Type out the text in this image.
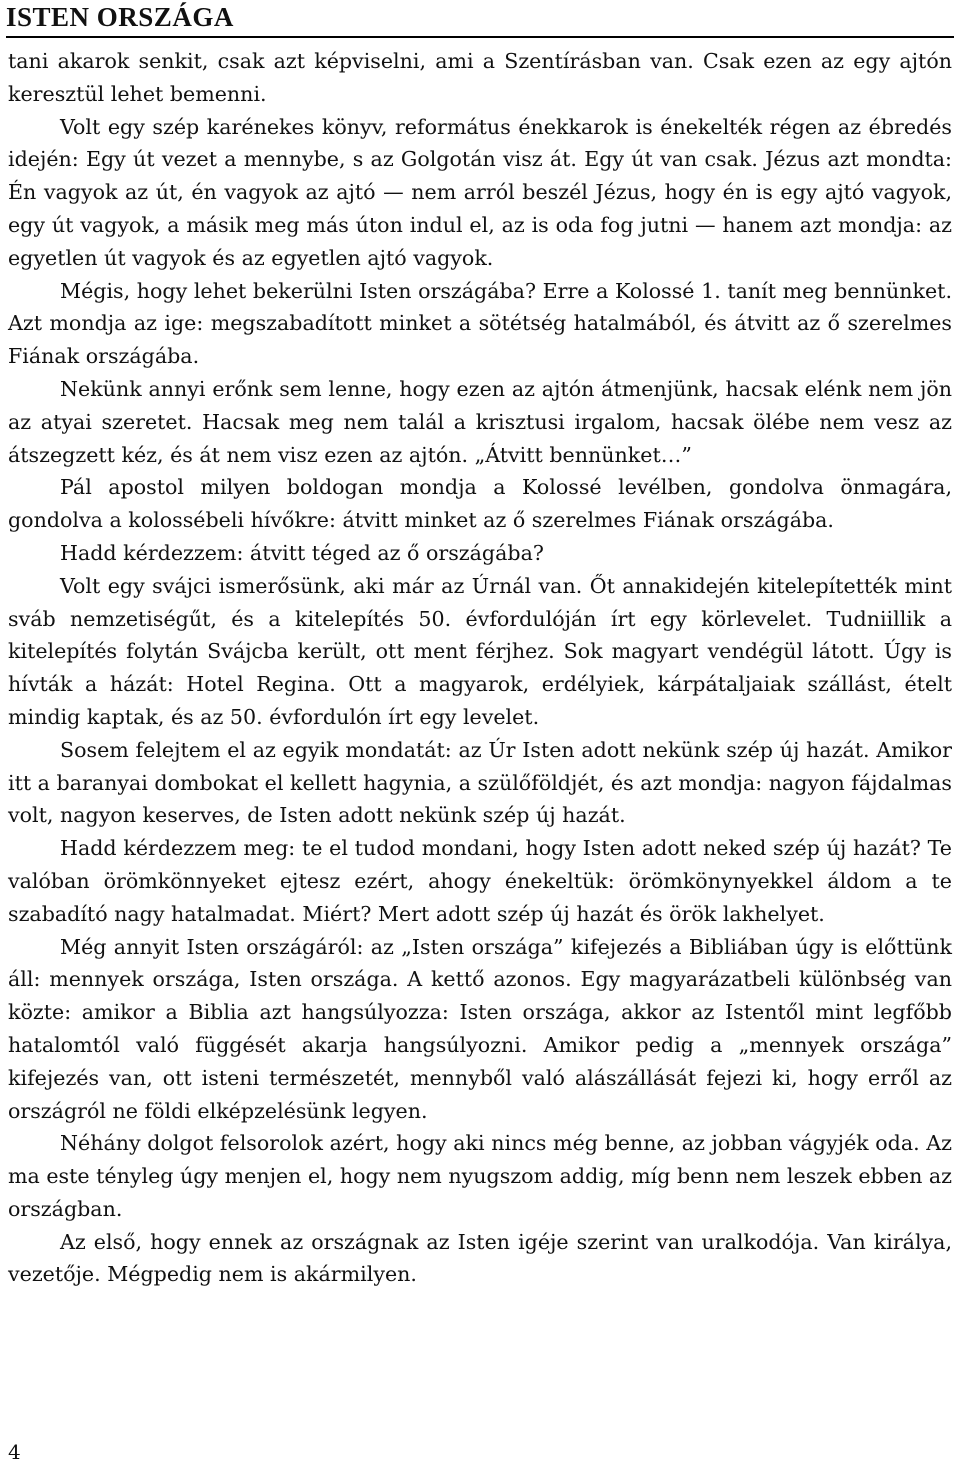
ISTEN ORSZÁGA

tani akarok senkit, csak azt képviselni, ami a Szentírásban van. Csak ezen az egy ajtón keresztül lehet bemenni.

Volt egy szép karénekes könyv, református énekkarok is énekelték régen az ébredés idején: Egy út vezet a mennybe, s az Golgotán visz át. Egy út van csak. Jézus azt mondta: Én vagyok az út, én vagyok az ajtó — nem arról beszél Jézus, hogy én is egy ajtó vagyok, egy út vagyok, a másik meg más úton indul el, az is oda fog jutni — hanem azt mondja: az egyetlen út vagyok és az egyetlen ajtó vagyok.

Mégis, hogy lehet bekerülni Isten országába? Erre a Kolossé 1. tanít meg bennünket. Azt mondja az ige: megszabadított minket a sötétség hatalmából, és átvitt az ő szerelmes Fiának országába.

Nekünk annyi erőnk sem lenne, hogy ezen az ajtón átmenjünk, hacsak elénk nem jön az atyai szeretet. Hacsak meg nem talál a krisztusi irgalom, hacsak ölébe nem vesz az átszegzett kéz, és át nem visz ezen az ajtón. „Átvitt bennünket…”

Pál apostol milyen boldogan mondja a Kolossé levélben, gondolva önmagára, gondolva a kolossébeli hívőkre: átvitt minket az ő szerelmes Fiának országába.

Hadd kérdezzem: átvitt téged az ő országába?

Volt egy svájci ismerősünk, aki már az Úrnál van. Őt annakidején kitelepítették mint sváb nemzetiségűt, és a kitelepítés 50. évfordulóján írt egy körlevelet. Tudniillik a kitelepítés folytán Svájcba került, ott ment férjhez. Sok magyart vendégül látott. Úgy is hívták a házát: Hotel Regina. Ott a magyarok, erdélyiek, kárpátaljaiak szállást, ételt mindig kaptak, és az 50. évfordulón írt egy levelet.

Sosem felejtem el az egyik mondatát: az Úr Isten adott nekünk szép új hazát. Amikor itt a baranyai dombokat el kellett hagynia, a szülőföldjét, és azt mondja: nagyon fájdalmas volt, nagyon keserves, de Isten adott nekünk szép új hazát.

Hadd kérdezzem meg: te el tudod mondani, hogy Isten adott neked szép új hazát? Te valóban örömkönnyeket ejtesz ezért, ahogy énekeltük: örömkönynyekkel áldom a te szabadító nagy hatalmadat. Miért? Mert adott szép új hazát és örök lakhelyet.

Még annyit Isten országáról: az „Isten országa” kifejezés a Bibliában úgy is előttünk áll: mennyek országa, Isten országa. A kettő azonos. Egy magyarázatbeli különbség van közte: amikor a Biblia azt hangsúlyozza: Isten országa, akkor az Istentől mint legfőbb hatalomtól való függését akarja hangsúlyozni. Amikor pedig a „mennyek országa” kifejezés van, ott isteni természetét, mennyből való alászállását fejezi ki, hogy erről az országról ne földi elképzelésünk legyen.

Néhány dolgot felsorolok azért, hogy aki nincs még benne, az jobban vágyjék oda. Az ma este tényleg úgy menjen el, hogy nem nyugszom addig, míg benn nem leszek ebben az országban.

Az első, hogy ennek az országnak az Isten igéje szerint van uralkodója. Van királya, vezetője. Mégpedig nem is akármilyen.

4
